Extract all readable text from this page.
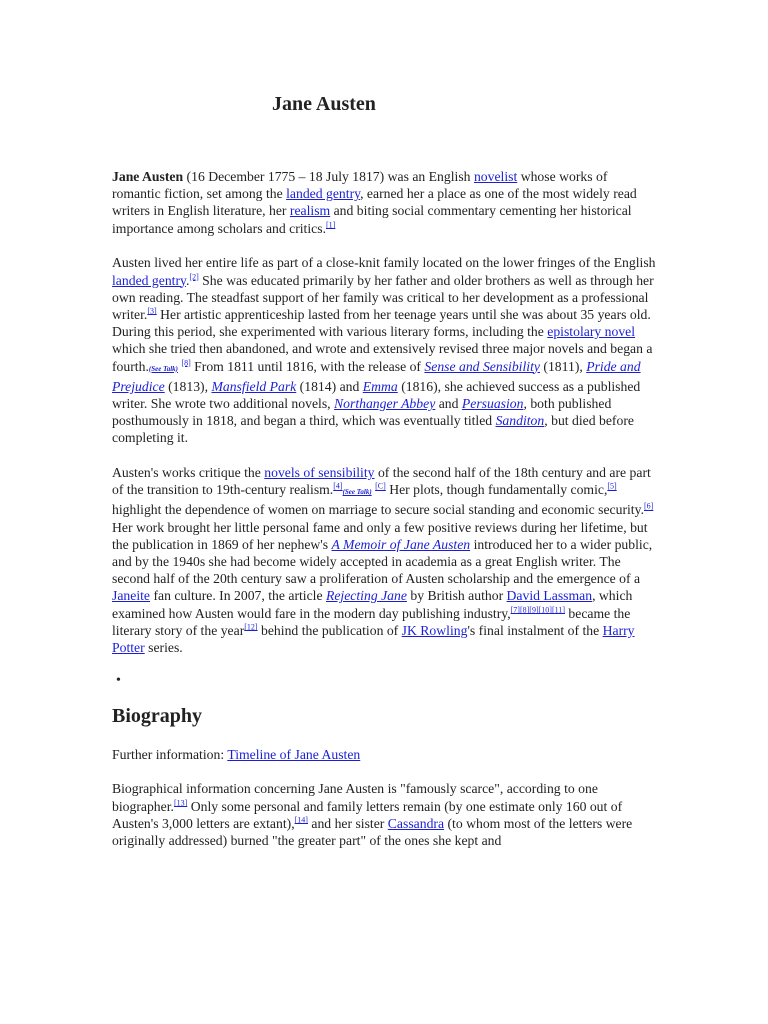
Jane Austen

Jane Austen (16 December 1775 – 18 July 1817) was an English novelist whose works of romantic fiction, set among the landed gentry, earned her a place as one of the most widely read writers in English literature, her realism and biting social commentary cementing her historical importance among scholars and critics.[1]

Austen lived her entire life as part of a close-knit family located on the lower fringes of the English landed gentry.[2] She was educated primarily by her father and older brothers as well as through her own reading. The steadfast support of her family was critical to her development as a professional writer.[3] Her artistic apprenticeship lasted from her teenage years until she was about 35 years old. During this period, she experimented with various literary forms, including the epistolary novel which she tried then abandoned, and wrote and extensively revised three major novels and began a fourth.(See Talk) [8] From 1811 until 1816, with the release of Sense and Sensibility (1811), Pride and Prejudice (1813), Mansfield Park (1814) and Emma (1816), she achieved success as a published writer. She wrote two additional novels, Northanger Abbey and Persuasion, both published posthumously in 1818, and began a third, which was eventually titled Sanditon, but died before completing it.

Austen's works critique the novels of sensibility of the second half of the 18th century and are part of the transition to 19th-century realism.[4](See Talk) [C] Her plots, though fundamentally comic,[5] highlight the dependence of women on marriage to secure social standing and economic security.[6] Her work brought her little personal fame and only a few positive reviews during her lifetime, but the publication in 1869 of her nephew's A Memoir of Jane Austen introduced her to a wider public, and by the 1940s she had become widely accepted in academia as a great English writer. The second half of the 20th century saw a proliferation of Austen scholarship and the emergence of a Janeite fan culture. In 2007, the article Rejecting Jane by British author David Lassman, which examined how Austen would fare in the modern day publishing industry,[7][8][9][10][11] became the literary story of the year[12] behind the publication of JK Rowling's final instalment of the Harry Potter series.

•
Biography

Further information: Timeline of Jane Austen

Biographical information concerning Jane Austen is "famously scarce", according to one biographer.[13] Only some personal and family letters remain (by one estimate only 160 out of Austen's 3,000 letters are extant),[14] and her sister Cassandra (to whom most of the letters were originally addressed) burned "the greater part" of the ones she kept and
